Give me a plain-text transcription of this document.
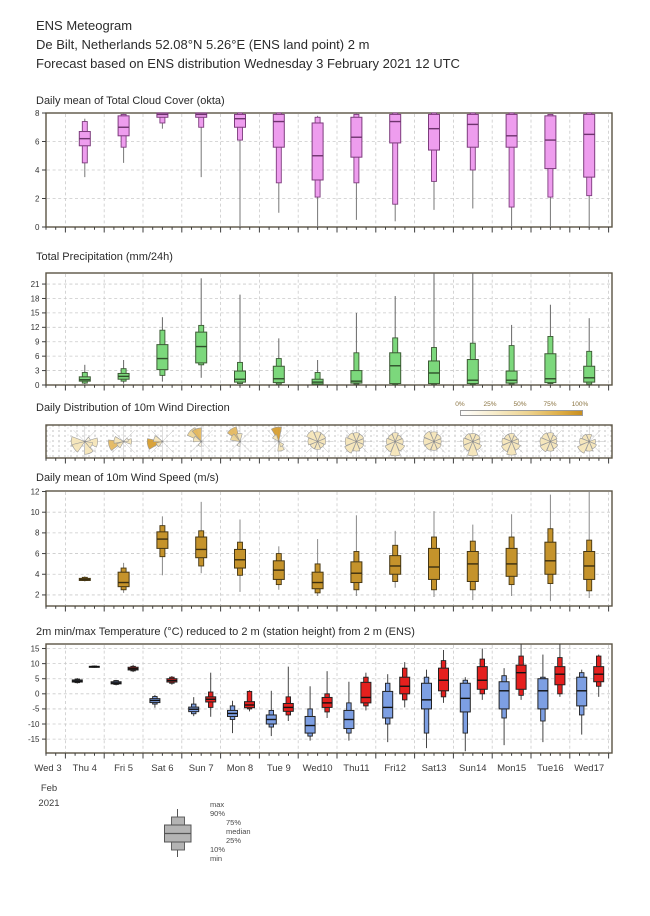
ENS Meteogram
De Bilt, Netherlands 52.08°N 5.26°E (ENS land point) 2 m
Forecast based on ENS distribution Wednesday 3 February 2021 12 UTC
Daily mean of Total Cloud Cover (okta)
Total Precipitation (mm/24h)
Daily Distribution of 10m Wind Direction
Daily mean of 10m Wind Speed (m/s)
2m min/max Temperature (°C) reduced to 2 m (station height) from 2 m (ENS)
0%	25%	50%	75% 100%
Feb
2021	max
90%
75%
median
25%
10%
min
0
2
4
6
8
0
3
6
9
12
15
18
21
2
4
6
8
10
12
-15
-10
-5
0
5
10
15
Wed 3 Thu 4 Fri 5 Sat 6 Sun 7 Mon 8 Tue 9 Wed10 Thu11 Fri12 Sat13 Sun14 Mon15 Tue16 Wed17
